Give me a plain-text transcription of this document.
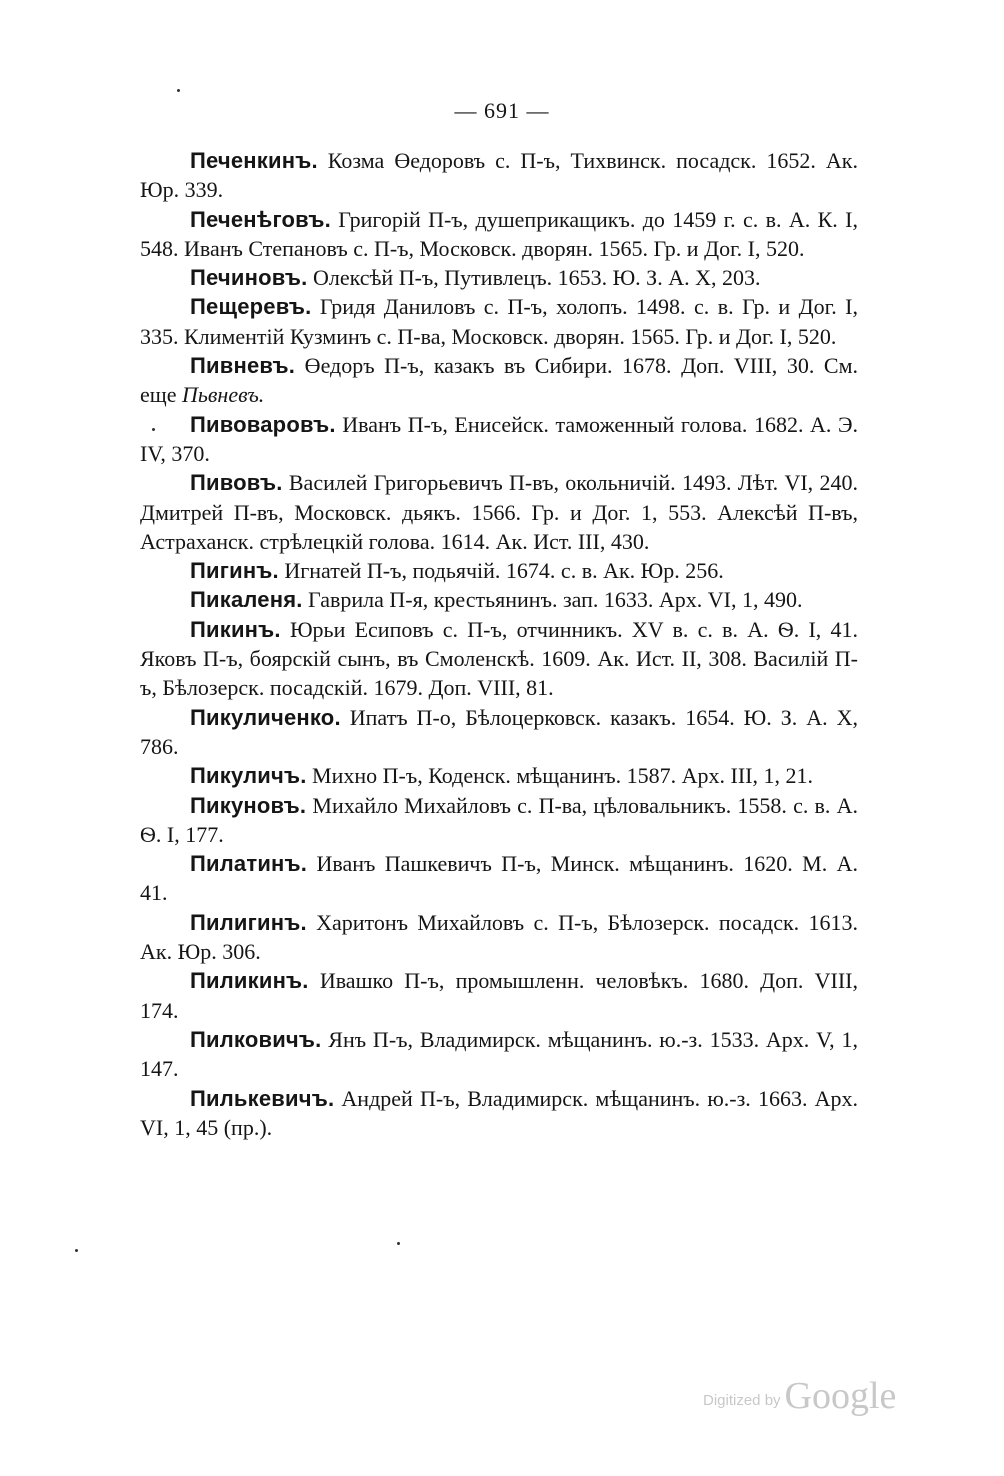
— 691 —

Печенкинъ. Козма Өедоровъ с. П-ъ, Тихвинск. посадск. 1652. Ак. Юр. 339.

Печенѣговъ. Григорій П-ъ, душеприкащикъ. до 1459 г. с. в. А. К. I, 548. Иванъ Степановъ с. П-ъ, Московск. дворян. 1565. Гр. и Дог. I, 520.

Печиновъ. Олексѣй П-ъ, Путивлецъ. 1653. Ю. З. А. X, 203.

Пещеревъ. Гридя Даниловъ с. П-ъ, холопъ. 1498. с. в. Гр. и Дог. I, 335. Климентій Кузминъ с. П-ва, Московск. дворян. 1565. Гр. и Дог. I, 520.

Пивневъ. Өедоръ П-ъ, казакъ въ Сибири. 1678. Доп. VIII, 30. См. еще Пьвневъ.

Пивоваровъ. Иванъ П-ъ, Енисейск. таможенный голова. 1682. А. Э. IV, 370.

Пивовъ. Василей Григорьевичъ П-въ, окольничій. 1493. Лѣт. VI, 240. Дмитрей П-въ, Московск. дьякъ. 1566. Гр. и Дог. 1, 553. Алексѣй П-въ, Астраханск. стрѣлецкій голова. 1614. Ак. Ист. III, 430.

Пигинъ. Игнатей П-ъ, подьячій. 1674. с. в. Ак. Юр. 256.

Пикаленя. Гаврила П-я, крестьянинъ. зап. 1633. Арх. VI, 1, 490.

Пикинъ. Юрьи Есиповъ с. П-ъ, отчинникъ. XV в. с. в. А. Ѳ. I, 41. Яковъ П-ъ, боярскій сынъ, въ Смоленскѣ. 1609. Ак. Ист. II, 308. Василій П-ъ, Бѣлозерск. посадскій. 1679. Доп. VIII, 81.

Пикуличенко. Ипатъ П-о, Бѣлоцерковск. казакъ. 1654. Ю. З. А. X, 786.

Пикуличъ. Михно П-ъ, Коденск. мѣщанинъ. 1587. Арх. III, 1, 21.

Пикуновъ. Михайло Михайловъ с. П-ва, цѣловальникъ. 1558. с. в. А. Ѳ. I, 177.

Пилатинъ. Иванъ Пашкевичъ П-ъ, Минск. мѣщанинъ. 1620. М. А. 41.

Пилигинъ. Харитонъ Михайловъ с. П-ъ, Бѣлозерск. посадск. 1613. Ак. Юр. 306.

Пиликинъ. Ивашко П-ъ, промышленн. человѣкъ. 1680. Доп. VIII, 174.

Пилковичъ. Янъ П-ъ, Владимирск. мѣщанинъ. ю.-з. 1533. Арх. V, 1, 147.

Пилькевичъ. Андрей П-ъ, Владимирск. мѣщанинъ. ю.-з. 1663. Арх. VI, 1, 45 (пр.).

Digitized by Google
